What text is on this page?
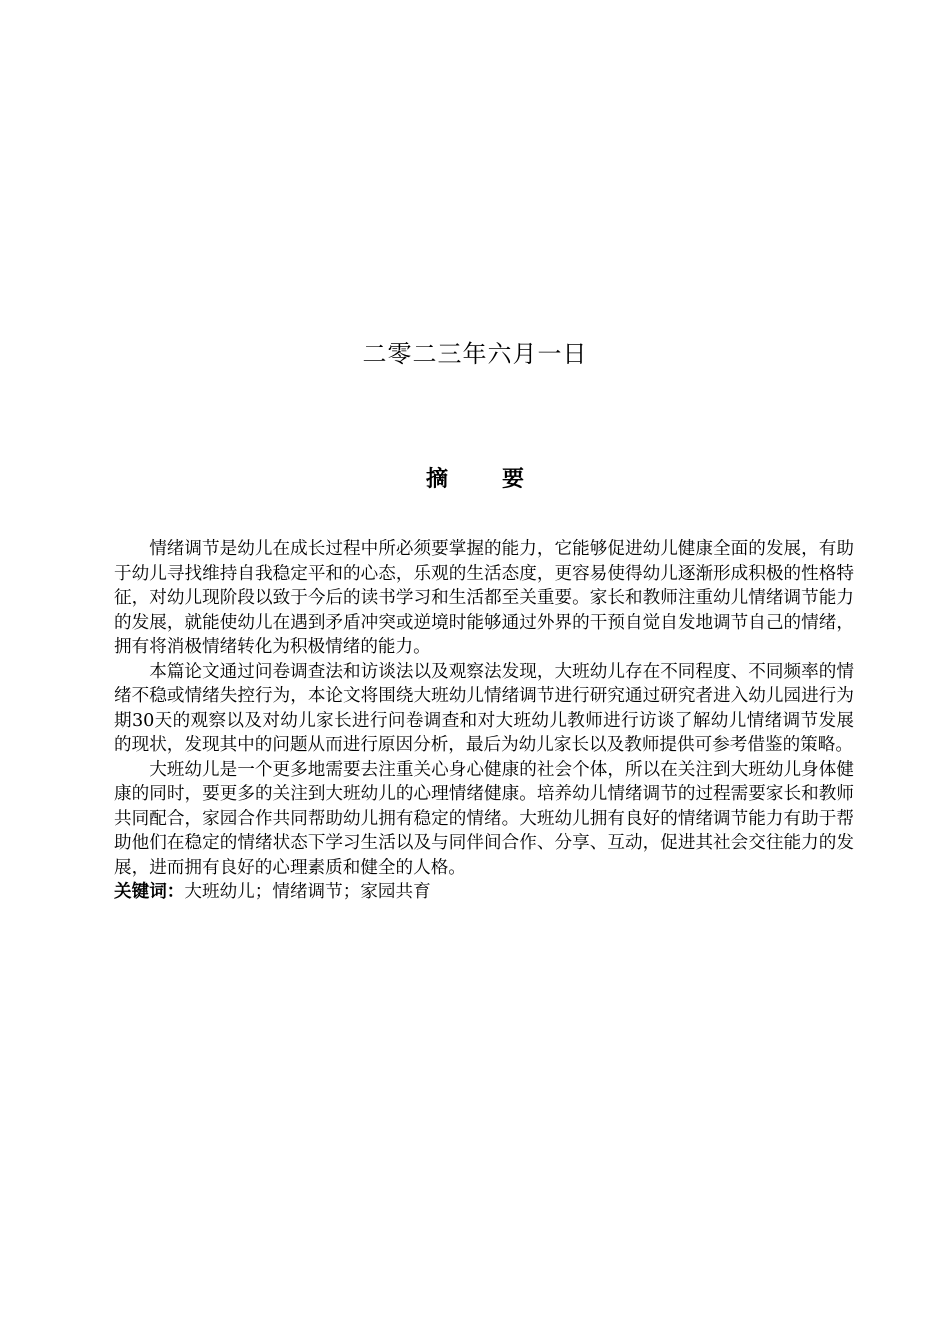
二零二三年六月一日
摘 要

情绪调节是幼儿在成长过程中所必须要掌握的能力，它能够促进幼儿健康全面的发展，有助于幼儿寻找维持自我稳定平和的心态，乐观的生活态度，更容易使得幼儿逐渐形成积极的性格特征，对幼儿现阶段以致于今后的读书学习和生活都至关重要。家长和教师注重幼儿情绪调节能力的发展，就能使幼儿在遇到矛盾冲突或逆境时能够通过外界的干预自觉自发地调节自己的情绪，拥有将消极情绪转化为积极情绪的能力。

本篇论文通过问卷调查法和访谈法以及观察法发现，大班幼儿存在不同程度、不同频率的情绪不稳或情绪失控行为，本论文将围绕大班幼儿情绪调节进行研究通过研究者进入幼儿园进行为期30天的观察以及对幼儿家长进行问卷调查和对大班幼儿教师进行访谈了解幼儿情绪调节发展的现状，发现其中的问题从而进行原因分析，最后为幼儿家长以及教师提供可参考借鉴的策略。

大班幼儿是一个更多地需要去注重关心身心健康的社会个体，所以在关注到大班幼儿身体健康的同时，要更多的关注到大班幼儿的心理情绪健康。培养幼儿情绪调节的过程需要家长和教师共同配合，家园合作共同帮助幼儿拥有稳定的情绪。大班幼儿拥有良好的情绪调节能力有助于帮助他们在稳定的情绪状态下学习生活以及与同伴间合作、分享、互动，促进其社会交往能力的发展，进而拥有良好的心理素质和健全的人格。

关键词：大班幼儿；情绪调节；家园共育
